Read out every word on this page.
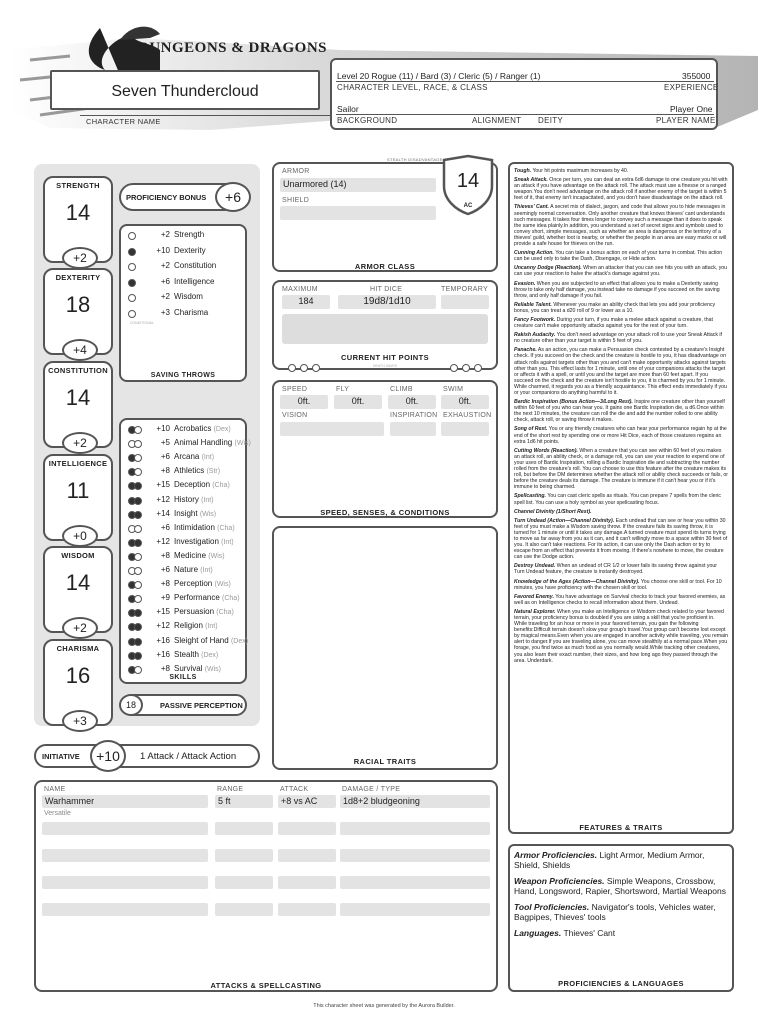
DUNGEONS & DRAGONS
Seven Thundercloud
CHARACTER NAME
Level 20 Rogue (11) / Bard (3) / Cleric (5) / Ranger (1)	355000
CHARACTER LEVEL, RACE, & CLASS	EXPERIENCE
Sailor	Player One
BACKGROUND	ALIGNMENT DEITY	PLAYER NAME
STRENGTH
14
+2
DEXTERITY
18
+4
CONSTITUTION
14
+2
INTELLIGENCE
11
+0
WISDOM
14
+2
CHARISMA
16
+3
PROFICIENCY BONUS	+6
+2 Strength
+10 Dexterity
+2 Constitution
+6 Intelligence
+2 Wisdom
+3 Charisma
CONDITIONAL
SAVING THROWS
+10 Acrobatics (Dex)
+5 Animal Handling (Wis)
+6 Arcana (Int)
+8 Athletics (Str)
+15 Deception (Cha)
+12 History (Int)
+14 Insight (Wis)
+6 Intimidation (Cha)
+12 Investigation (Int)
+8 Medicine (Wis)
+6 Nature (Int)
+8 Perception (Wis)
+9 Performance (Cha)
+15 Persuasion (Cha)
+12 Religion (Int)
+16 Sleight of Hand (Dex)
+16 Stealth (Dex)
+8 Survival (Wis)
SKILLS
18	PASSIVE PERCEPTION
INITIATIVE	+10	1 Attack / Attack Action
ARMOR
Unarmored (14)
SHIELD
STEALTH DISADVANTAGE
14
AC
ARMOR CLASS
MAXIMUM	HIT DICE	TEMPORARY
184	19d8/1d10
CURRENT HIT POINTS
DEATH SAVES
SPEED
0ft.
FLY
0ft.
CLIMB
0ft.
SWIM
0ft.
VISION	INSPIRATION EXHAUSTION
SPEED, SENSES, & CONDITIONS
RACIAL TRAITS
NAME	RANGE	ATTACK	DAMAGE / TYPE
Warhammer	5 ft	+8 vs AC	1d8+2 bludgeoning
Versatile
ATTACKS & SPELLCASTING
Tough. Your hit points maximum increases by 40.
Sneak Attack. Once per turn, you can deal an extra 6d6 damage to one creature you hit with an attack if you have advantage on the attack roll. The attack must use a finesse or a ranged weapon.You don't need advantage on the attack roll if another enemy of the target is within 5 feet of it, that enemy isn't incapacitated, and you don't have disadvantage on the attack roll.
Thieves' Cant. A secret mix of dialect, jargon, and code that allows you to hide messages in seemingly normal conversation. Only another creature that knows thieves' cant understands such messages. It takes four times longer to convey such a message than it does to speak the same idea plainly.In addition, you understand a set of secret signs and symbols used to convey short, simple messages, such as whether an area is dangerous or the territory of a thieves' guild, whether loot is nearby, or whether the people in an area are easy marks or will provide a safe house for thieves on the run.
Cunning Action. You can take a bonus action on each of your turns in combat. This action can be used only to take the Dash, Disengage, or Hide action.
Uncanny Dodge (Reaction). When an attacker that you can see hits you with an attack, you can use your reaction to halve the attack's damage against you.
Evasion. When you are subjected to an effect that allows you to make a Dexterity saving throw to take only half damage, you instead take no damage if you succeed on the saving throw, and only half damage if you fail.
Reliable Talent. Whenever you make an ability check that lets you add your proficiency bonus, you can treat a d20 roll of 9 or lower as a 10.
Fancy Footwork. During your turn, if you make a melee attack against a creature, that creature can't make opportunity attacks against you for the rest of your turn.
Rakish Audacity. You don't need advantage on your attack roll to use your Sneak Attack if no creature other than your target is within 5 feet of you.
Panache. As an action, you can make a Persuasion check contested by a creature's Insight check. If you succeed on the check and the creature is hostile to you, it has disadvantage on attack rolls against targets other than you and can't make opportunity attacks against targets other than you. This effect lasts for 1 minute, until one of your companions attacks the target or affects it with a spell, or until you and the target are more than 60 feet apart. If you succeed on the check and the creature isn't hostile to you, it is charmed by you for 1 minute. While charmed, it regards you as a friendly acquaintance. This effect ends immediately if you or your companions do anything harmful to it.
Bardic Inspiration (Bonus Action—3/Long Rest). Inspire one creature other than yourself within 60 feet of you who can hear you. It gains one Bardic Inspiration die, a d6.Once within the next 10 minutes, the creature can roll the die and add the number rolled to one ability check, attack roll, or saving throw it makes.
Song of Rest. You or any friendly creatures who can hear your performance regain hp at the end of the short rest by spending one or more Hit Dice, each of those creatures regains an extra 1d6 hit points.
Cutting Words (Reaction). When a creature that you can see within 60 feet of you makes an attack roll, an ability check, or a damage roll, you can use your reaction to expend one of your uses of Bardic Inspiration, rolling a Bardic Inspiration die and subtracting the number rolled from the creature's roll. You can choose to use this feature after the creature makes its roll, but before the DM determines whether the attack roll or ability check succeeds or fails, or before the creature deals its damage. The creature is immune if it can't hear you or if it's immune to being charmed.
Spellcasting. You can cast cleric spells as rituals. You can prepare 7 spells from the cleric spell list. You can use a holy symbol as your spellcasting focus.
Channel Divinity (1/Short Rest).
Turn Undead (Action—Channel Divinity). Each undead that can see or hear you within 30 feet of you must make a Wisdom saving throw. If the creature fails its saving throw, it is turned for 1 minute or until it takes any damage.A turned creature must spend its turns trying to move as far away from you as it can, and it can't willingly move to a space within 30 feet of you. It also can't take reactions. For its action, it can use only the Dash action or try to escape from an effect that prevents it from moving. If there's nowhere to move, the creature can use the Dodge action.
Destroy Undead. When an undead of CR 1/2 or lower fails its saving throw against your Turn Undead feature, the creature is instantly destroyed.
Knowledge of the Ages (Action—Channel Divinity). You choose one skill or tool. For 10 minutes, you have proficiency with the chosen skill or tool.
Favored Enemy. You have advantage on Survival checks to track your favored enemies, as well as on Intelligence checks to recall information about them. Undead.
Natural Explorer. When you make an Intelligence or Wisdom check related to your favored terrain, your proficiency bonus is doubled if you are using a skill that you're proficient in. While traveling for an hour or more in your favored terrain, you gain the following benefits:Difficult terrain doesn't slow your group's travel.Your group can't become lost except by magical means.Even when you are engaged in another activity while traveling, you remain alert to danger.If you are traveling alone, you can move stealthily at a normal pace.When you forage, you find twice as much food as you normally would.While tracking other creatures, you also learn their exact number, their sizes, and how long ago they passed through the area. Underdark.
FEATURES & TRAITS
Armor Proficiencies. Light Armor, Medium Armor, Shield, Shields
Weapon Proficiencies. Simple Weapons, Crossbow, Hand, Longsword, Rapier, Shortsword, Martial Weapons
Tool Proficiencies. Navigator's tools, Vehicles water, Bagpipes, Thieves' tools
Languages. Thieves' Cant
PROFICIENCIES & LANGUAGES
This character sheet was generated by the Aurora Builder.
